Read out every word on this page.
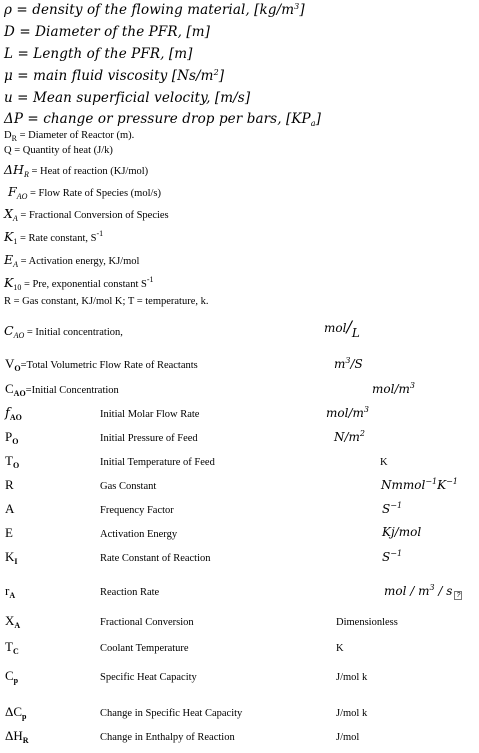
ρ = density of the flowing material, $[kg/m^3]$
D = Diameter of the PFR, [m]
L = Length of the PFR, [m]
μ = main fluid viscosity $[Ns/m^2]$
u = Mean superficial velocity, [m/s]
ΔP = change or pressure drop per bars, $[KP_a]$
$D_R$ = Diameter of Reactor (m).
Q = Quantity of heat (J/k)
$\Delta H_R$ = Heat of reaction (KJ/mol)
$F_{AO}$ = Flow Rate of Species (mol/s)
$X_A$ = Fractional Conversion of Species
$K_1$ = Rate constant, $S^{-1}$
$E_A$ = Activation energy, KJ/mol
$K_{10}$ = Pre, exponential constant $S^{-1}$
R = Gas constant, KJ/mol K; T = temperature, k.
$C_{AO}$ = Initial concentration,	mol/$_L$
$V_O=Total$ Volumetric Flow Rate of Reactants	$m^3/S$
$C_{AO}=Initial$ Concentration	mol/$m^3$
$f_{AO}$	Initial Molar Flow Rate	mol/$m^3$
$P_O$	Initial Pressure of Feed	$N/m^2$
$T_O$	Initial Temperature of Feed	K
R	Gas Constant	$Nmmol^{-1}K^{-1}$
A	Frequency Factor	$S^{-1}$
E	Activation Energy	Kj/mol
$K_I$	Rate Constant of Reaction	$S^{-1}$
$r_A$	Reaction Rate	mol / $m^3$ / s ?
$X_A$	Fractional Conversion	Dimensionless
$T_C$	Coolant Temperature	K
$C_p$	Specific Heat Capacity	J/mol k
$\Delta C_p$	Change in Specific Heat Capacity	J/mol k
$\Delta H_R$	Change in Enthalpy of Reaction	J/mol
